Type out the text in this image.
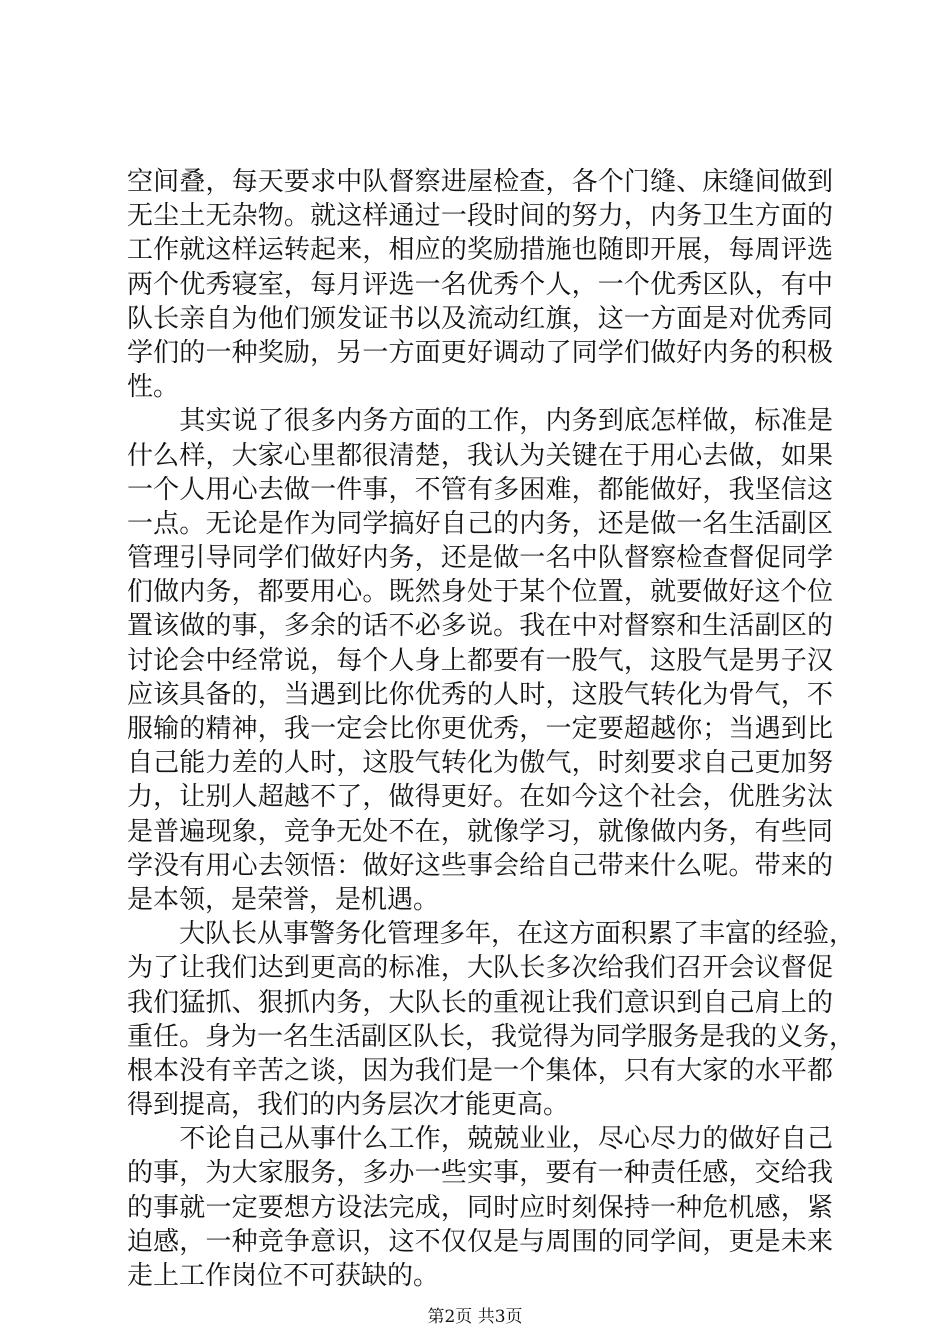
空间叠，每天要求中队督察进屋检查，各个门缝、床缝间做到
无尘土无杂物。就这样通过一段时间的努力，内务卫生方面的
工作就这样运转起来，相应的奖励措施也随即开展，每周评选
两个优秀寝室，每月评选一名优秀个人，一个优秀区队，有中
队长亲自为他们颁发证书以及流动红旗，这一方面是对优秀同
学们的一种奖励，另一方面更好调动了同学们做好内务的积极
性。
　　其实说了很多内务方面的工作，内务到底怎样做，标准是
什么样，大家心里都很清楚，我认为关键在于用心去做，如果
一个人用心去做一件事，不管有多困难，都能做好，我坚信这
一点。无论是作为同学搞好自己的内务，还是做一名生活副区
管理引导同学们做好内务，还是做一名中队督察检查督促同学
们做内务，都要用心。既然身处于某个位置，就要做好这个位
置该做的事，多余的话不必多说。我在中对督察和生活副区的
讨论会中经常说，每个人身上都要有一股气，这股气是男子汉
应该具备的，当遇到比你优秀的人时，这股气转化为骨气，不
服输的精神，我一定会比你更优秀，一定要超越你；当遇到比
自己能力差的人时，这股气转化为傲气，时刻要求自己更加努
力，让别人超越不了，做得更好。在如今这个社会，优胜劣汰
是普遍现象，竞争无处不在，就像学习，就像做内务，有些同
学没有用心去领悟：做好这些事会给自己带来什么呢。带来的
是本领，是荣誉，是机遇。
　　大队长从事警务化管理多年，在这方面积累了丰富的经验，
为了让我们达到更高的标准，大队长多次给我们召开会议督促
我们猛抓、狠抓内务，大队长的重视让我们意识到自己肩上的
重任。身为一名生活副区队长，我觉得为同学服务是我的义务，
根本没有辛苦之谈，因为我们是一个集体，只有大家的水平都
得到提高，我们的内务层次才能更高。
　　不论自己从事什么工作，兢兢业业，尽心尽力的做好自己
的事，为大家服务，多办一些实事，要有一种责任感，交给我
的事就一定要想方设法完成，同时应时刻保持一种危机感，紧
迫感，一种竞争意识，这不仅仅是与周围的同学间，更是未来
走上工作岗位不可获缺的。
第2页 共3页
